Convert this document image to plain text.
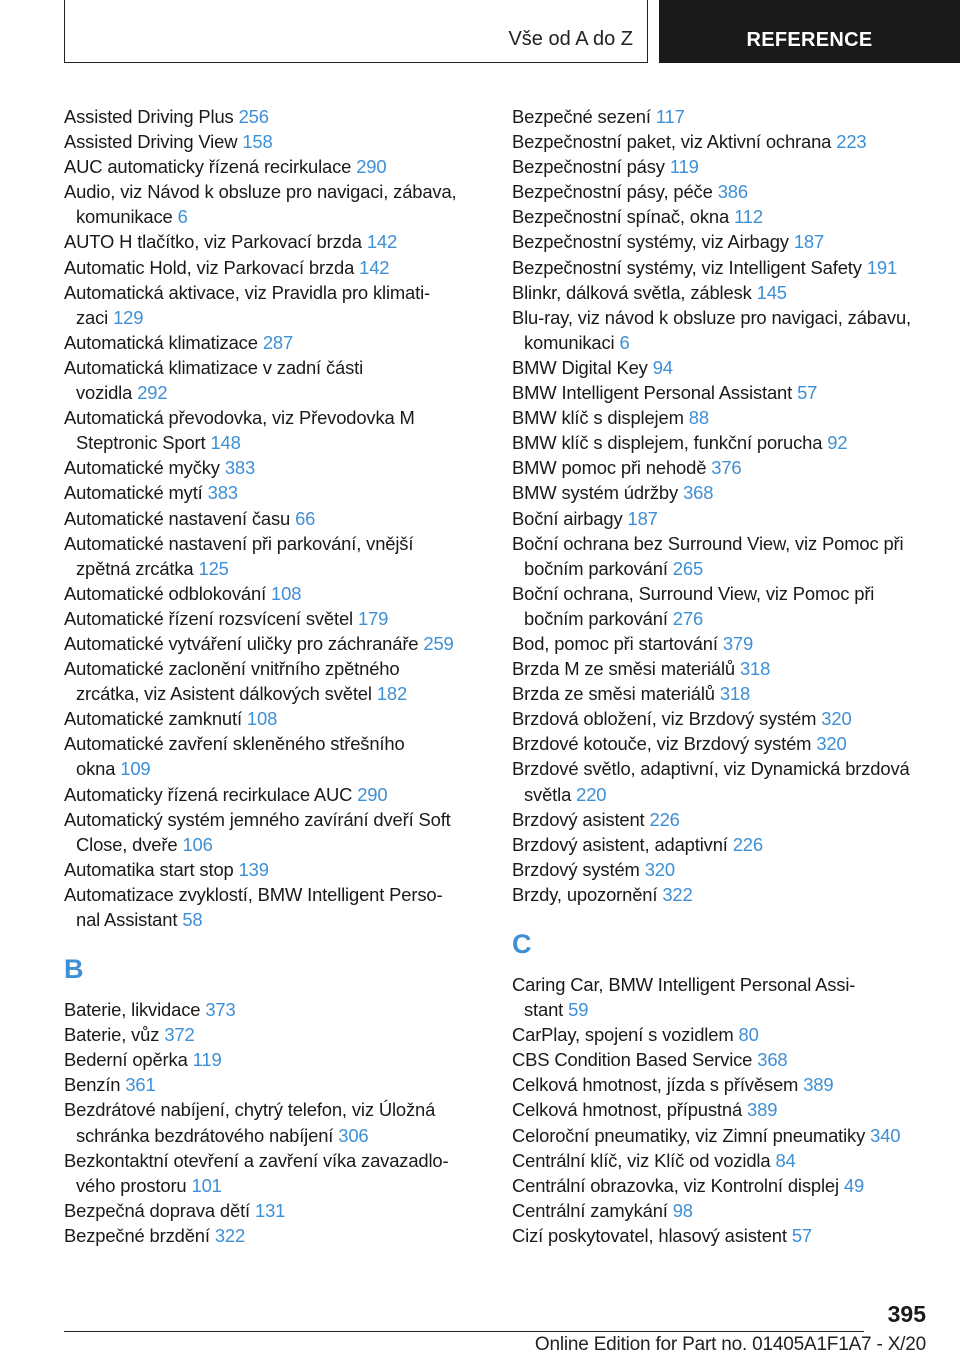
Vše od A do Z	REFERENCE
Assisted Driving Plus 256
Assisted Driving View 158
AUC automaticky řízená recirkulace 290
Audio, viz Návod k obsluze pro navigaci, zábava,
komunikace 6
AUTO H tlačítko, viz Parkovací brzda 142
Automatic Hold, viz Parkovací brzda 142
Automatická aktivace, viz Pravidla pro klimati‐
zaci 129
Automatická klimatizace 287
Automatická klimatizace v zadní části
vozidla 292
Automatická převodovka, viz Převodovka M
Steptronic Sport 148
Automatické myčky 383
Automatické mytí 383
Automatické nastavení času 66
Automatické nastavení při parkování, vnější
zpětná zrcátka 125
Automatické odblokování 108
Automatické řízení rozsvícení světel 179
Automatické vytváření uličky pro záchranáře 259
Automatické zaclonění vnitřního zpětného
zrcátka, viz Asistent dálkových světel 182
Automatické zamknutí 108
Automatické zavření skleněného střešního
okna 109
Automaticky řízená recirkulace AUC 290
Automatický systém jemného zavírání dveří Soft
Close, dveře 106
Automatika start stop 139
Automatizace zvyklostí, BMW Intelligent Perso‐
nal Assistant 58
B
Baterie, likvidace 373
Baterie, vůz 372
Bederní opěrka 119
Benzín 361
Bezdrátové nabíjení, chytrý telefon, viz Úložná
schránka bezdrátového nabíjení 306
Bezkontaktní otevření a zavření víka zavazadlo‐
vého prostoru 101
Bezpečná doprava dětí 131
Bezpečné brzdění 322
Bezpečné sezení 117
Bezpečnostní paket, viz Aktivní ochrana 223
Bezpečnostní pásy 119
Bezpečnostní pásy, péče 386
Bezpečnostní spínač, okna 112
Bezpečnostní systémy, viz Airbagy 187
Bezpečnostní systémy, viz Intelligent Safety 191
Blinkr, dálková světla, záblesk 145
Blu-ray, viz návod k obsluze pro navigaci, zábavu,
komunikaci 6
BMW Digital Key 94
BMW Intelligent Personal Assistant 57
BMW klíč s displejem 88
BMW klíč s displejem, funkční porucha 92
BMW pomoc při nehodě 376
BMW systém údržby 368
Boční airbagy 187
Boční ochrana bez Surround View, viz Pomoc při
bočním parkování 265
Boční ochrana, Surround View, viz Pomoc při
bočním parkování 276
Bod, pomoc při startování 379
Brzda M ze směsi materiálů 318
Brzda ze směsi materiálů 318
Brzdová obložení, viz Brzdový systém 320
Brzdové kotouče, viz Brzdový systém 320
Brzdové světlo, adaptivní, viz Dynamická brzdová
světla 220
Brzdový asistent 226
Brzdový asistent, adaptivní 226
Brzdový systém 320
Brzdy, upozornění 322
C
Caring Car, BMW Intelligent Personal Assi‐
stant 59
CarPlay, spojení s vozidlem 80
CBS Condition Based Service 368
Celková hmotnost, jízda s přívěsem 389
Celková hmotnost, přípustná 389
Celoroční pneumatiky, viz Zimní pneumatiky 340
Centrální klíč, viz Klíč od vozidla 84
Centrální obrazovka, viz Kontrolní displej 49
Centrální zamykání 98
Cizí poskytovatel, hlasový asistent 57
395
Online Edition for Part no. 01405A1F1A7 - X/20
